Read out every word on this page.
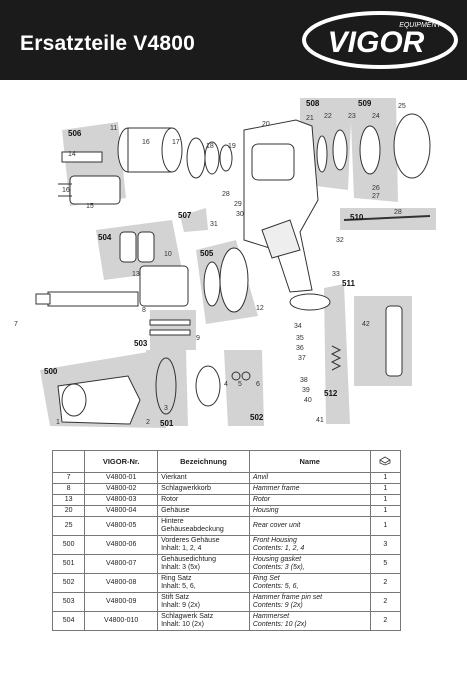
Ersatzteile V4800	VIGOR
EQUIPMENT
11
14
16
15
16	17
18 19
20
21 22 23 24
25
26
27
28
28
29
30
31
32
33
34
35
36
37
38
39
40
41
42
10
13
12
9
8
7
1	2
3
4 5 6
506
508	509
510
507
504
505
511
503
500
501
502
512
	VIGOR-Nr.	Bezeichnung	Name	
7	V4800-01	Vierkant	Anvil	1
8	V4800-02	Schlagwerkkorb	Hammer frame	1
13	V4800-03	Rotor	Rotor	1
20	V4800-04	Gehäuse	Housing	1
25	V4800-05	Hintere
Gehäuseabdeckung	Rear cover unit	1
500	V4800-06	Vorderes Gehäuse
Inhalt: 1, 2, 4	Front Housing
Contents: 1, 2, 4	3
501	V4800-07	Gehäusedichtung
Inhalt: 3 (5x)	Housing gasket
Contents: 3 (5x),	5
502	V4800-08	Ring Satz
Inhalt: 5, 6,	Ring Set
Contents: 5, 6,	2
503	V4800-09	Stift Satz
Inhalt: 9 (2x)	Hammer frame pin set
Contents: 9 (2x)	2
504	V4800-010	Schlagwerk Satz
Inhalt: 10 (2x)	Hammerset
Contents: 10 (2x)	2
